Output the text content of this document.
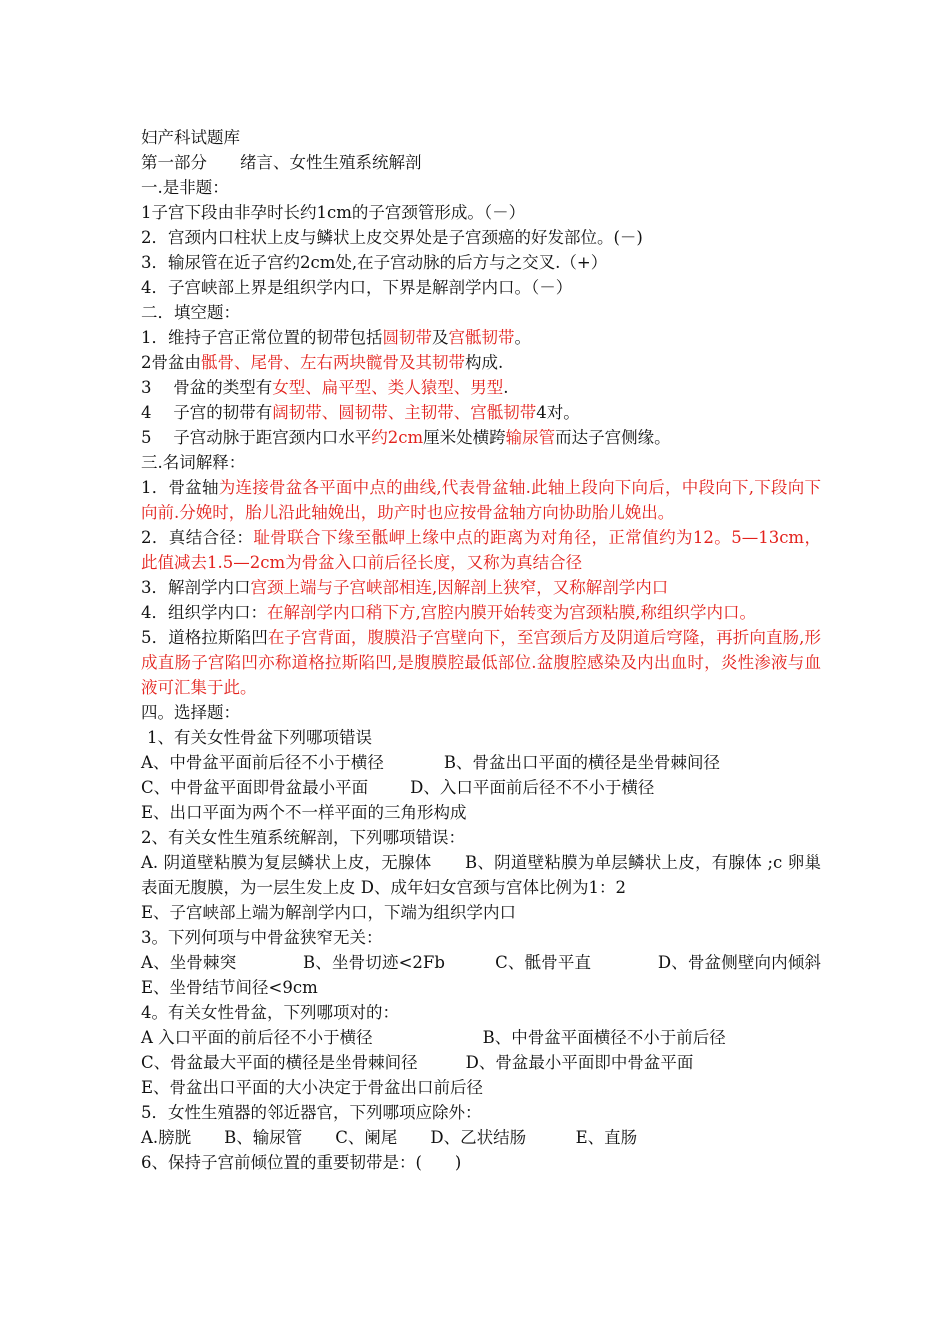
妇产科试题库
第一部分　　绪言、女性生殖系统解剖
一.是非题：
1子宫下段由非孕时长约1cm的子宫颈管形成。（－）
2．宫颈内口柱状上皮与鳞状上皮交界处是子宫颈癌的好发部位。(－)
3．输尿管在近子宫约2cm处,在子宫动脉的后方与之交叉.（+）
4．子宫峡部上界是组织学内口，下界是解剖学内口。（－）
二．填空题：
1．维持子宫正常位置的韧带包括圆韧带及宫骶韧带。
2骨盆由骶骨、尾骨、左右两块髋骨及其韧带构成.
3　 骨盆的类型有女型、扁平型、类人猿型、男型.
4　 子宫的韧带有阔韧带、圆韧带、主韧带、宫骶韧带4对。
5　 子宫动脉于距宫颈内口水平约2cm厘米处横跨输尿管而达子宫侧缘。
三.名词解释：
1．骨盆轴为连接骨盆各平面中点的曲线,代表骨盆轴.此轴上段向下向后，中段向下,下段向下向前.分娩时，胎儿沿此轴娩出，助产时也应按骨盆轴方向协助胎儿娩出。
2．真结合径：耻骨联合下缘至骶岬上缘中点的距离为对角径，正常值约为12。5—13cm，此值减去1.5—2cm为骨盆入口前后径长度，又称为真结合径
3．解剖学内口宫颈上端与子宫峡部相连,因解剖上狭窄，又称解剖学内口
4．组织学内口：在解剖学内口稍下方,宫腔内膜开始转变为宫颈粘膜,称组织学内口。
5．道格拉斯陷凹在子宫背面，腹膜沿子宫壁向下，至宫颈后方及阴道后穹隆，再折向直肠,形成直肠子宫陷凹亦称道格拉斯陷凹,是腹膜腔最低部位.盆腹腔感染及内出血时，炎性渗液与血液可汇集于此。
四。选择题：
1、有关女性骨盆下列哪项错误
A、中骨盆平面前后径不小于横径	B、骨盆出口平面的横径是坐骨棘间径
C、中骨盆平面即骨盆最小平面	D、入口平面前后径不不小于横径
E、出口平面为两个不一样平面的三角形构成
2、有关女性生殖系统解剖，下列哪项错误：
A. 阴道壁粘膜为复层鳞状上皮，无腺体　　B、阴道壁粘膜为单层鳞状上皮，有腺体 ;c 卵巢表面无腹膜，为一层生发上皮 D、成年妇女宫颈与宫体比例为1：2
E、子宫峡部上端为解剖学内口，下端为组织学内口
3。下列何项与中骨盆狭窄无关：
A、坐骨棘突　　　　B、坐骨切迹<2Fb　　　C、骶骨平直　　　　D、骨盆侧壁向内倾斜　E、坐骨结节间径<9cm
4。有关女性骨盆，下列哪项对的：
A 入口平面的前后径不小于横径	B、中骨盆平面横径不小于前后径
C、骨盆最大平面的横径是坐骨棘间径	D、骨盆最小平面即中骨盆平面
E、骨盆出口平面的大小决定于骨盆出口前后径
5．女性生殖器的邻近器官，下列哪项应除外：
A.膀胱　　B、输尿管　　C、阑尾　　D、乙状结肠　　　E、直肠
6、保持子宫前倾位置的重要韧带是：(　　)
